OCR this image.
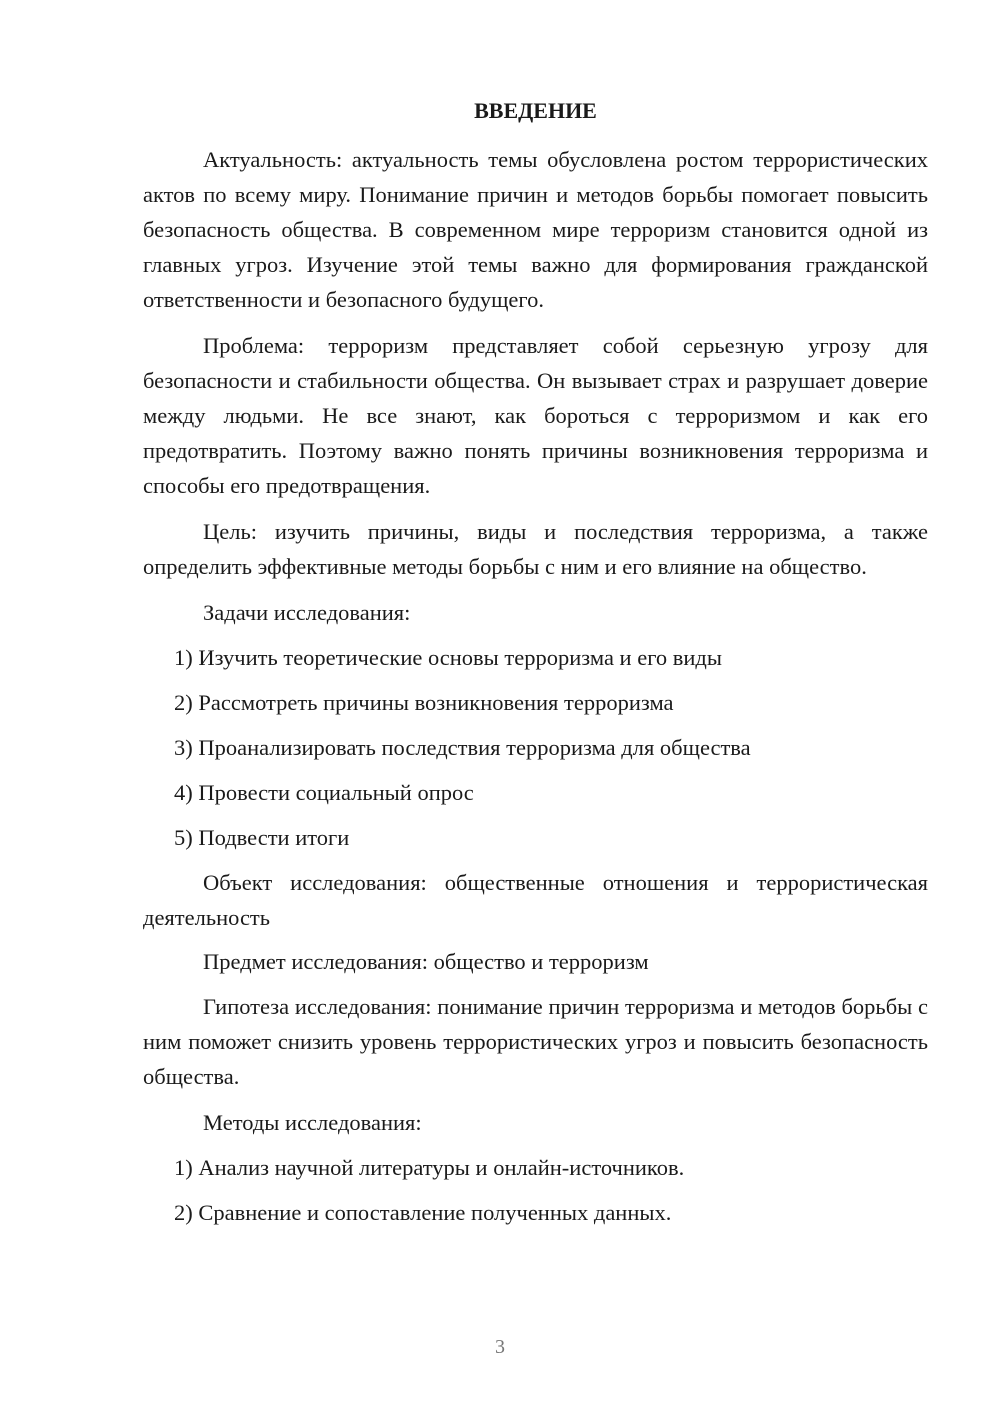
ВВЕДЕНИЕ

Актуальность: актуальность темы обусловлена ростом террористических актов по всему миру. Понимание причин и методов борьбы помогает повысить безопасность общества. В современном мире терроризм становится одной из главных угроз. Изучение этой темы важно для формирования гражданской ответственности и безопасного будущего.

Проблема: терроризм представляет собой серьезную угрозу для безопасности и стабильности общества. Он вызывает страх и разрушает доверие между людьми. Не все знают, как бороться с терроризмом и как его предотвратить. Поэтому важно понять причины возникновения терроризма и способы его предотвращения.

Цель: изучить причины, виды и последствия терроризма, а также определить эффективные методы борьбы с ним и его влияние на общество.

Задачи исследования:
1) Изучить теоретические основы терроризма и его виды
2) Рассмотреть причины возникновения терроризма
3) Проанализировать последствия терроризма для общества
4) Провести социальный опрос
5) Подвести итоги

Объект исследования: общественные отношения и террористическая деятельность

Предмет исследования: общество и терроризм

Гипотеза исследования: понимание причин терроризма и методов борьбы с ним поможет снизить уровень террористических угроз и повысить безопасность общества.

Методы исследования:
1) Анализ научной литературы и онлайн-источников.
2) Сравнение и сопоставление полученных данных.
3
